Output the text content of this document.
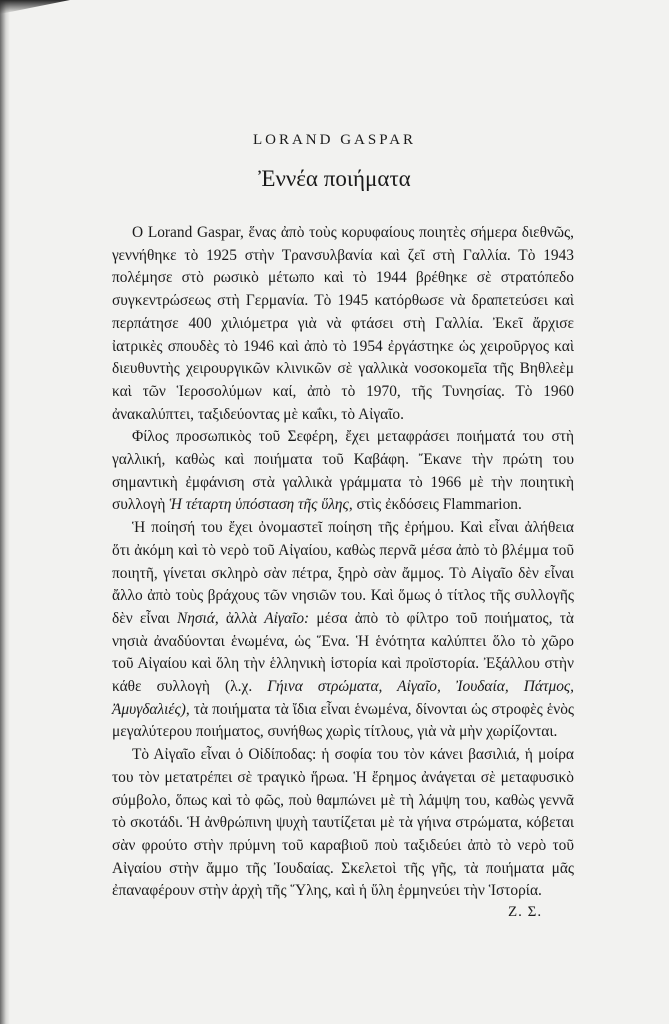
LORAND GASPAR
Ἐννέα ποιήματα

Ο Lorand Gaspar, ἕνας ἀπὸ τοὺς κορυφαίους ποιητὲς σήμερα διεθνῶς, γεννήθηκε τὸ 1925 στὴν Τρανσυλβανία καὶ ζεῖ στὴ Γαλλία. Τὸ 1943 πολέμησε στὸ ρωσικὸ μέτωπο καὶ τὸ 1944 βρέθηκε σὲ στρατόπεδο συγκεντρώσεως στὴ Γερμανία. Τὸ 1945 κατόρθωσε νὰ δραπετεύσει καὶ περπάτησε 400 χιλιόμετρα γιὰ νὰ φτάσει στὴ Γαλλία. Ἐκεῖ ἄρχισε ἰατρικὲς σπουδὲς τὸ 1946 καὶ ἀπὸ τὸ 1954 ἐργάστηκε ὡς χειροῦργος καὶ διευθυντὴς χειρουργικῶν κλινικῶν σὲ γαλλικὰ νοσοκομεῖα τῆς Βηθλεὲμ καὶ τῶν Ἱεροσολύμων καί, ἀπὸ τὸ 1970, τῆς Τυνησίας. Τὸ 1960 ἀνακαλύπτει, ταξιδεύοντας μὲ καΐκι, τὸ Αἰγαῖο.

Φίλος προσωπικὸς τοῦ Σεφέρη, ἔχει μεταφράσει ποιήματά του στὴ γαλλική, καθὼς καὶ ποιήματα τοῦ Καβάφη. Ἔκανε τὴν πρώτη του σημαντικὴ ἐμφάνιση στὰ γαλλικὰ γράμματα τὸ 1966 μὲ τὴν ποιητικὴ συλλογὴ Ἡ τέταρτη ὑπόσταση τῆς ὕλης, στὶς ἐκδόσεις Flammarion.

Ἡ ποίησή του ἔχει ὀνομαστεῖ ποίηση τῆς ἐρήμου. Καὶ εἶναι ἀλήθεια ὅτι ἀκόμη καὶ τὸ νερὸ τοῦ Αἰγαίου, καθὼς περνᾶ μέσα ἀπὸ τὸ βλέμμα τοῦ ποιητῆ, γίνεται σκληρὸ σὰν πέτρα, ξηρὸ σὰν ἄμμος. Τὸ Αἰγαῖο δὲν εἶναι ἄλλο ἀπὸ τοὺς βράχους τῶν νησιῶν του. Καὶ ὅμως ὁ τίτλος τῆς συλλογῆς δὲν εἶναι Νησιά, ἀλλὰ Αἰγαῖο: μέσα ἀπὸ τὸ φίλτρο τοῦ ποιήματος, τὰ νησιὰ ἀναδύονται ἑνωμένα, ὡς Ἕνα. Ἡ ἑνότητα καλύπτει ὅλο τὸ χῶρο τοῦ Αἰγαίου καὶ ὅλη τὴν ἑλληνικὴ ἱστορία καὶ προϊστορία. Ἐξάλλου στὴν κάθε συλλογὴ (λ.χ. Γήινα στρώματα, Αἰγαῖο, Ἰουδαία, Πάτμος, Ἀμυγδαλιές), τὰ ποιήματα τὰ ἴδια εἶναι ἑνωμένα, δίνονται ὡς στροφὲς ἑνὸς μεγαλύτερου ποιήματος, συνήθως χωρὶς τίτλους, γιὰ νὰ μὴν χωρίζονται.

Τὸ Αἰγαῖο εἶναι ὁ Οἰδίποδας: ἡ σοφία του τὸν κάνει βασιλιά, ἡ μοίρα του τὸν μετατρέπει σὲ τραγικὸ ἥρωα. Ἡ ἔρημος ἀνάγεται σὲ μεταφυσικὸ σύμβολο, ὅπως καὶ τὸ φῶς, ποὺ θαμπώνει μὲ τὴ λάμψη του, καθὼς γεννᾶ τὸ σκοτάδι. Ἡ ἀνθρώπινη ψυχὴ ταυτίζεται μὲ τὰ γήινα στρώματα, κόβεται σὰν φρούτο στὴν πρύμνη τοῦ καραβιοῦ ποὺ ταξιδεύει ἀπὸ τὸ νερὸ τοῦ Αἰγαίου στὴν ἄμμο τῆς Ἰουδαίας. Σκελετοὶ τῆς γῆς, τὰ ποιήματα μᾶς ἐπαναφέρουν στὴν ἀρχὴ τῆς Ὕλης, καὶ ἡ ὕλη ἑρμηνεύει τὴν Ἱστορία.

Ζ. Σ.
